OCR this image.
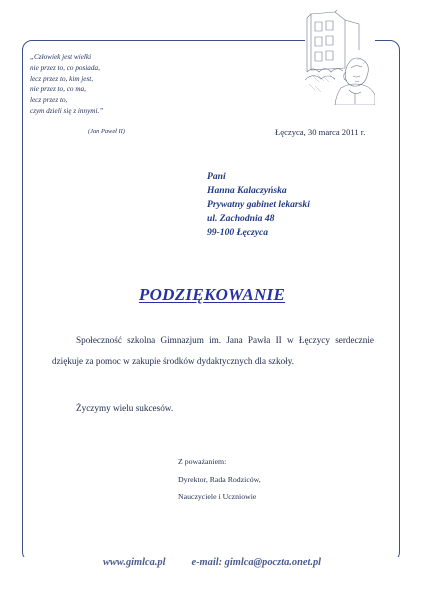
„Człowiek jest wielki
nie przez to, co posiada,
lecz przez to, kim jest,
nie przez to, co ma,
lecz przez to,
czym dzieli się z innymi.”
(Jan Paweł II)	Łęczyca, 30 marca 2011 r.
Pani
Hanna Kalaczyńska
Prywatny gabinet lekarski
ul. Zachodnia 48
99-100 Łęczyca
PODZIĘKOWANIE
Społeczność szkolna Gimnazjum im. Jana Pawła II w Łęczycy serdecznie dziękuje za pomoc w zakupie środków dydaktycznych dla szkoły.
Życzymy wielu sukcesów.
Z poważaniem:
Dyrektor, Rada Rodziców,
Nauczyciele i Uczniowie
www.gimlca.pl	e-mail: gimlca@poczta.onet.pl
